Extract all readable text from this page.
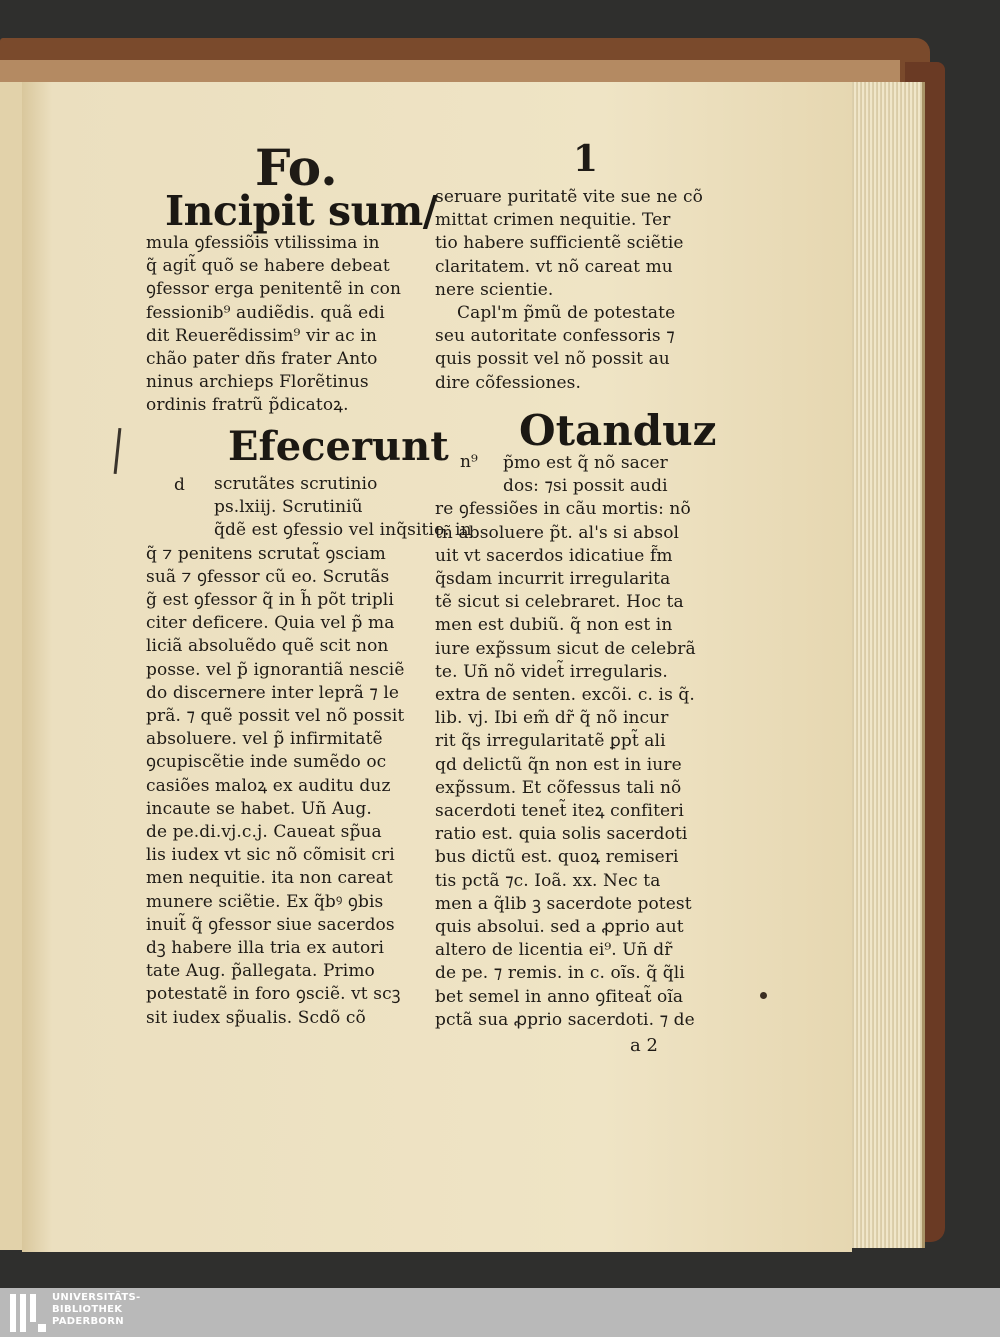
Fo.	1
Incipit sum/
mula ꝯfessiõis vtilissima in
q̃ agit̃ quõ se habere debeat
ꝯfessor erga penitentẽ in con
fessionib⁹ audiẽdis. quã edi
dit Reuerẽdissim⁹ vir ac in
chão pater dñs frater Anto
ninus archieps Florẽtinus
ordinis fratrũ p̃dicatoꝝ.
Efecerunt
d	scrutãtes scrutinio
ps.lxiij. Scrutiniũ
q̃dẽ est ꝯfessio vel inq̃sitio. in
q̃ ⁊ penitens scrutat̃ ꝯsciam
suã ⁊ ꝯfessor cũ eo. Scrutãs
g̃ est ꝯfessor q̃ in h̃ põt tripli
citer deficere. Quia vel p̃ ma
liciã absoluẽdo quẽ scit non
posse. vel p̃ ignorantiã nesciẽ
do discernere inter leprã ⁊ le
prã. ⁊ quẽ possit vel nõ possit
absoluere. vel p̃ infirmitatẽ
ꝯcupiscẽtie inde sumẽdo oc
casiões maloꝝ ex auditu duz
incaute se habet. Uñ Aug.
de pe.di.vj.c.j. Caueat sp̃ua
lis iudex vt sic nõ cõmisit cri
men nequitie. ita non careat
munere sciẽtie. Ex q̃bꝰ ꝯbis
inuit̃ q̃ ꝯfessor siue sacerdos
dꝫ habere illa tria ex autori
tate Aug. p̃allegata. Primo
potestatẽ in foro ꝯsciẽ. vt scꝫ
sit iudex sp̃ualis. Scdõ cõ
seruare puritatẽ vite sue ne cõ
mittat crimen nequitie. Ter
tio habere sufficientẽ sciẽtie
claritatem. vt nõ careat mu
nere scientie.
Capl'm p̃mũ de potestate
seu autoritate confessoris ⁊
quis possit vel nõ possit au
dire cõfessiones.
Otanduz
n⁹	p̃mo est q̃ nõ sacer
dos: ⁊si possit audi
re ꝯfessiões in cãu mortis: nõ
tñ absoluere p̃t. al's si absol
uit vt sacerdos idicatiue f̃m
q̃sdam incurrit irregularita
tẽ sicut si celebraret. Hoc ta
men est dubiũ. q̃ non est in
iure exp̃ssum sicut de celebrã
te. Uñ nõ videt̃ irregularis.
extra de senten. excõi. c. is q̃.
lib. vj. Ibi em̃ dr̃ q̃ nõ incur
rit q̃s irregularitatẽ ꝑpt̃ ali
qd delictũ q̃n non est in iure
exp̃ssum. Et cõfessus tali nõ
sacerdoti tenet̃ iteꝝ confiteri
ratio est. quia solis sacerdoti
bus dictũ est. quoꝝ remiseri
tis pctã ⁊c. Ioã. xx. Nec ta
men a q̃lib ꝫ sacerdote potest
quis absolui. sed a ꝓprio aut
altero de licentia ei⁹. Uñ dr̃
de pe. ⁊ remis. in c. oĩs. q̃ q̃li
bet semel in anno ꝯfiteat̃ oĩa
pctã sua ꝓprio sacerdoti. ⁊ de
a 2
UNIVERSITÄTS-
BIBLIOTHEK
PADERBORN
